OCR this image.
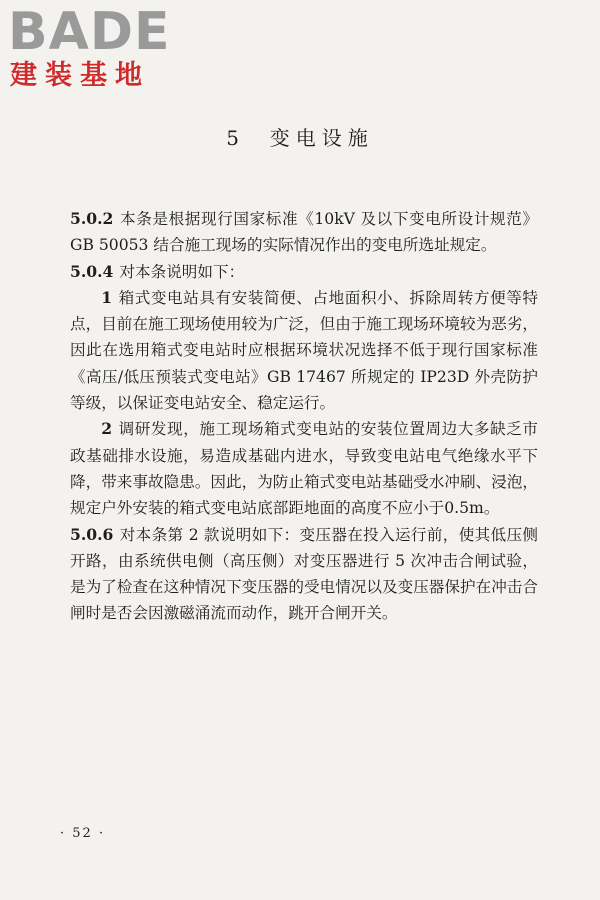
BADE
建装基地
5 变电设施

5.0.2 本条是根据现行国家标准《10kV 及以下变电所设计规范》GB 50053 结合施工现场的实际情况作出的变电所选址规定。

5.0.4 对本条说明如下：

1 箱式变电站具有安装简便、占地面积小、拆除周转方便等特点，目前在施工现场使用较为广泛，但由于施工现场环境较为恶劣，因此在选用箱式变电站时应根据环境状况选择不低于现行国家标准《高压/低压预装式变电站》GB 17467 所规定的 IP23D 外壳防护等级，以保证变电站安全、稳定运行。

2 调研发现，施工现场箱式变电站的安装位置周边大多缺乏市政基础排水设施，易造成基础内进水，导致变电站电气绝缘水平下降，带来事故隐患。因此，为防止箱式变电站基础受水冲刷、浸泡，规定户外安装的箱式变电站底部距地面的高度不应小于0.5m。

5.0.6 对本条第 2 款说明如下：变压器在投入运行前，使其低压侧开路，由系统供电侧（高压侧）对变压器进行 5 次冲击合闸试验，是为了检查在这种情况下变压器的受电情况以及变压器保护在冲击合闸时是否会因激磁涌流而动作，跳开合闸开关。

· 52 ·
